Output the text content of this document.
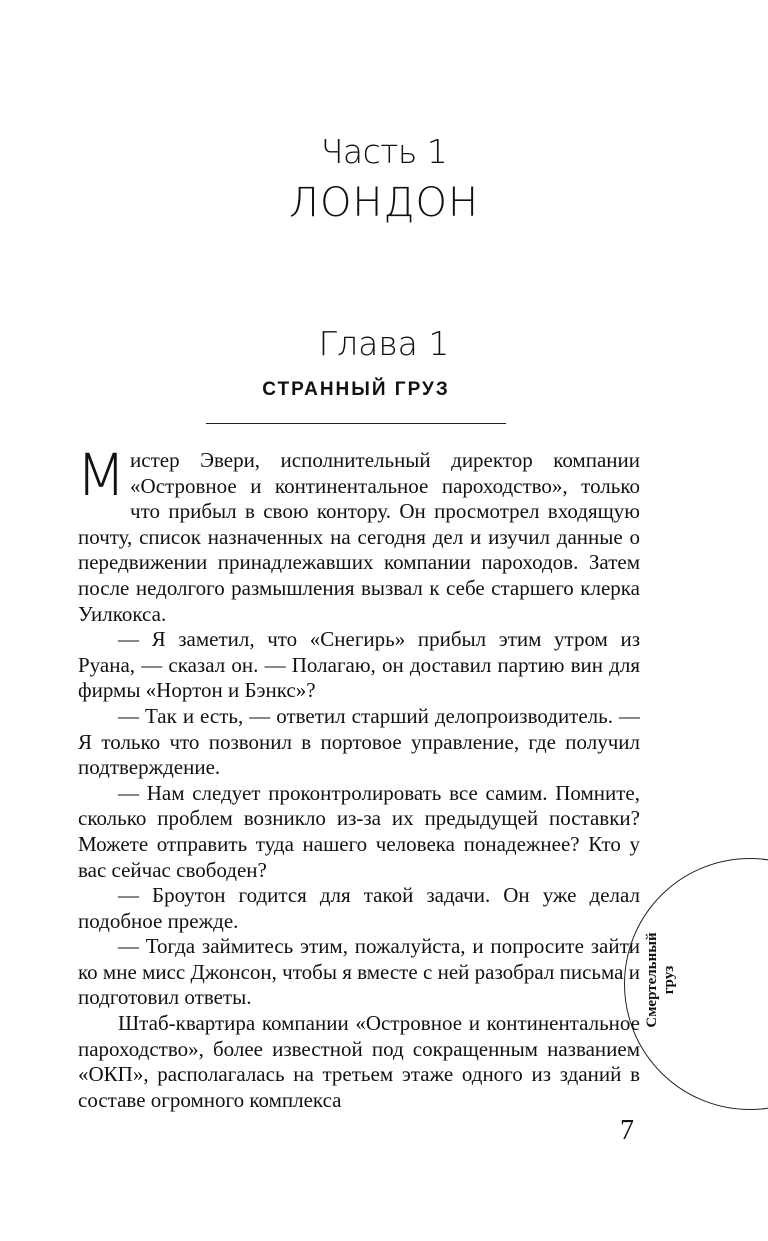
Часть 1
ЛОНДОН
Глава 1
СТРАННЫЙ ГРУЗ

Мистер Эвери, исполнительный директор компании «Островное и континентальное пароходство», только что прибыл в свою контору. Он просмотрел входящую почту, список назначенных на сегодня дел и изучил данные о передвижении принадлежавших компании пароходов. Затем после недолгого размышления вызвал к себе старшего клерка Уилкокса.

— Я заметил, что «Снегирь» прибыл этим утром из Руана, — сказал он. — Полагаю, он доставил партию вин для фирмы «Нортон и Бэнкс»?

— Так и есть, — ответил старший делопроизводитель. — Я только что позвонил в портовое управление, где получил подтверждение.

— Нам следует проконтролировать все самим. Помните, сколько проблем возникло из-за их предыдущей поставки? Можете отправить туда нашего человека понадежнее? Кто у вас сейчас свободен?

— Броутон годится для такой задачи. Он уже делал подобное прежде.

— Тогда займитесь этим, пожалуйста, и попросите зайти ко мне мисс Джонсон, чтобы я вместе с ней разобрал письма и подготовил ответы.

Штаб-квартира компании «Островное и континентальное пароходство», более известной под сокращенным названием «ОКП», располагалась на третьем этаже одного из зданий в составе огромного комплекса

Смертельный груз
7
